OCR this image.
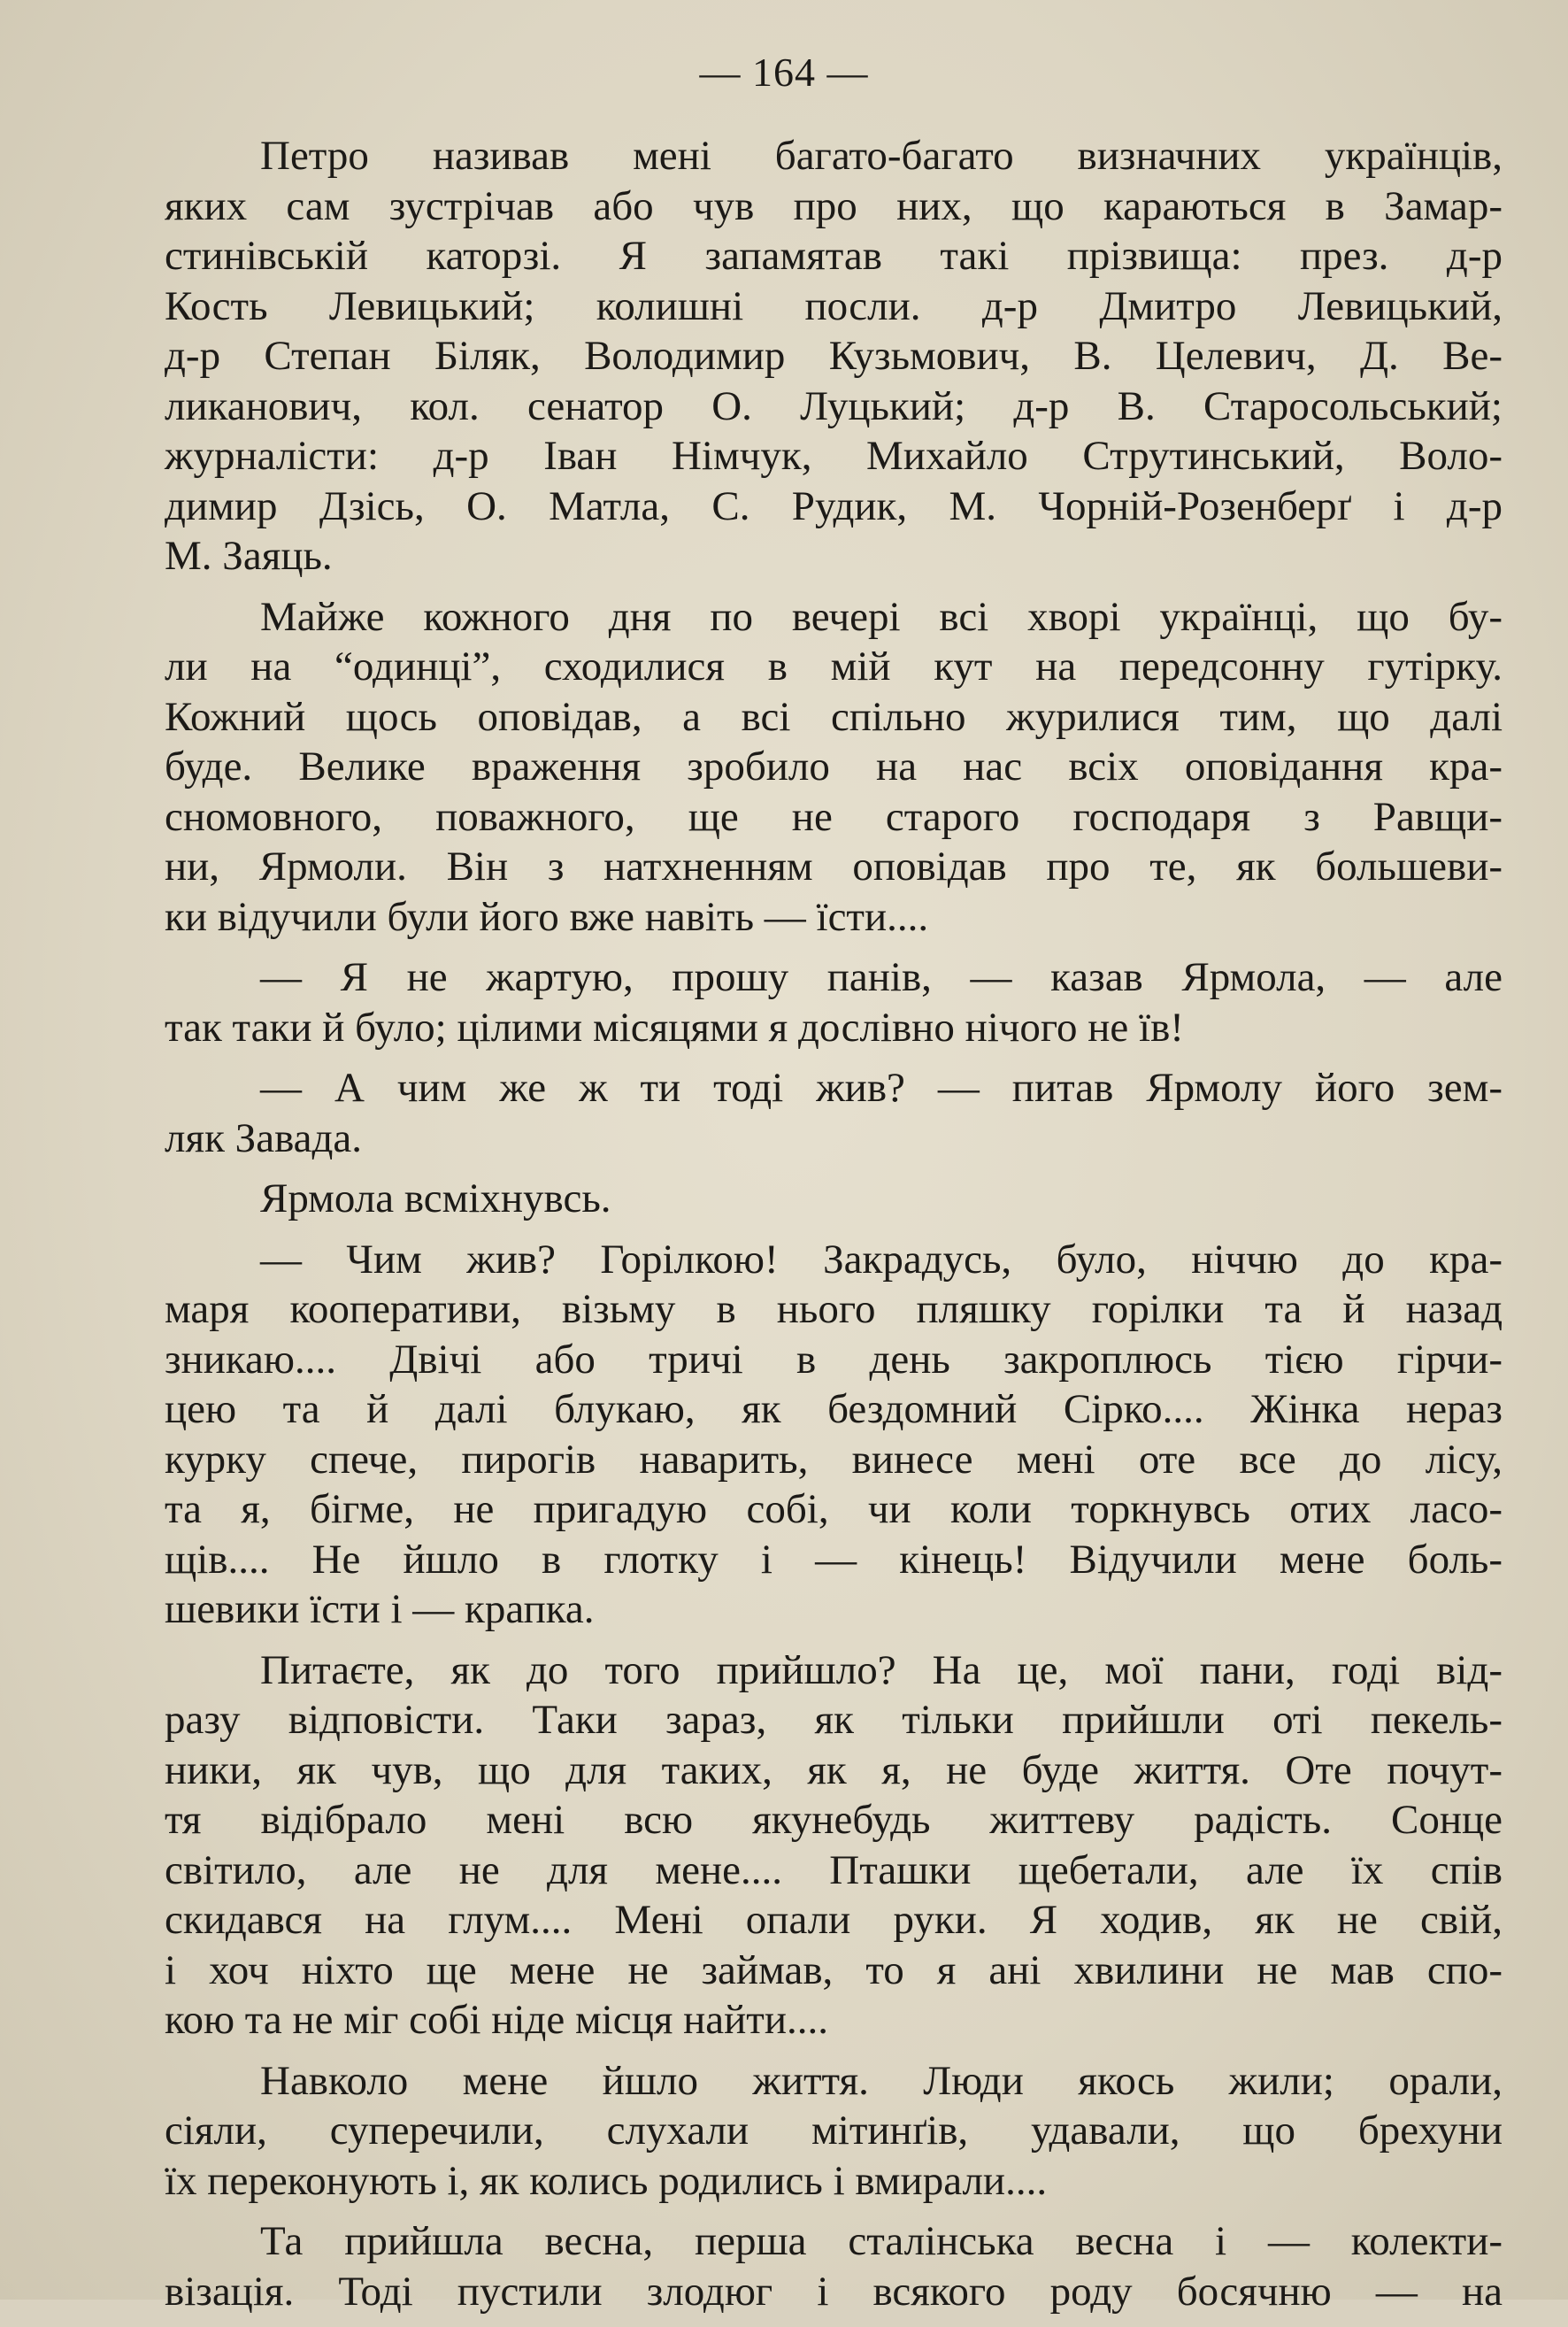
— 164 —
Петро називав мені багато-багато визначних українців,
яких сам зустрічав або чув про них, що караються в Замар-
стинівській каторзі. Я запамятав такі прізвища: през. д-р
Кость Левицький; колишні посли. д-р Дмитро Левицький,
д-р Степан Біляк, Володимир Кузьмович, В. Целевич, Д. Ве-
ликанович, кол. сенатор О. Луцький; д-р В. Старосольський;
журналісти: д-р Іван Німчук, Михайло Струтинський, Воло-
димир Дзісь, О. Матла, С. Рудик, М. Чорній-Розенберґ і д-р
М. Заяць.
Майже кожного дня по вечері всі хворі українці, що бу-
ли на “одинці”, сходилися в мій кут на передсонну гутірку.
Кожний щось оповідав, а всі спільно журилися тим, що далі
буде. Велике враження зробило на нас всіх оповідання кра-
сномовного, поважного, ще не старого господаря з Равщи-
ни, Ярмоли. Він з натхненням оповідав про те, як большеви-
ки відучили були його вже навіть — їсти....
— Я не жартую, прошу панів, — казав Ярмола, — але
так таки й було; цілими місяцями я дослівно нічого не їв!
— А чим же ж ти тоді жив? — питав Ярмолу його зем-
ляк Завада.
Ярмола всміхнувсь.
— Чим жив? Горілкою! Закрадусь, було, ніччю до кра-
маря кооперативи, візьму в нього пляшку горілки та й назад
зникаю.... Двічі або тричі в день закроплюсь тією гірчи-
цею та й далі блукаю, як бездомний Сірко.... Жінка нераз
курку спече, пирогів наварить, винесе мені оте все до лісу,
та я, бігме, не пригадую собі, чи коли торкнувсь отих ласо-
щів.... Не йшло в глотку і — кінець! Відучили мене боль-
шевики їсти і — крапка.
Питаєте, як до того прийшло? На це, мої пани, годі від-
разу відповісти. Таки зараз, як тільки прийшли оті пекель-
ники, як чув, що для таких, як я, не буде життя. Оте почут-
тя відібрало мені всю якунебудь життеву радість. Сонце
світило, але не для мене.... Пташки щебетали, але їх спів
скидався на глум.... Мені опали руки. Я ходив, як не свій,
і хоч ніхто ще мене не займав, то я ані хвилини не мав спо-
кою та не міг собі ніде місця найти....
Навколо мене йшло життя. Люди якось жили; орали,
сіяли, суперечили, слухали мітинґів, удавали, що брехуни
їх переконують і, як колись родились і вмирали....
Та прийшла весна, перша сталінська весна і — колекти-
візація. Тоді пустили злодюг і всякого роду босячню — на
